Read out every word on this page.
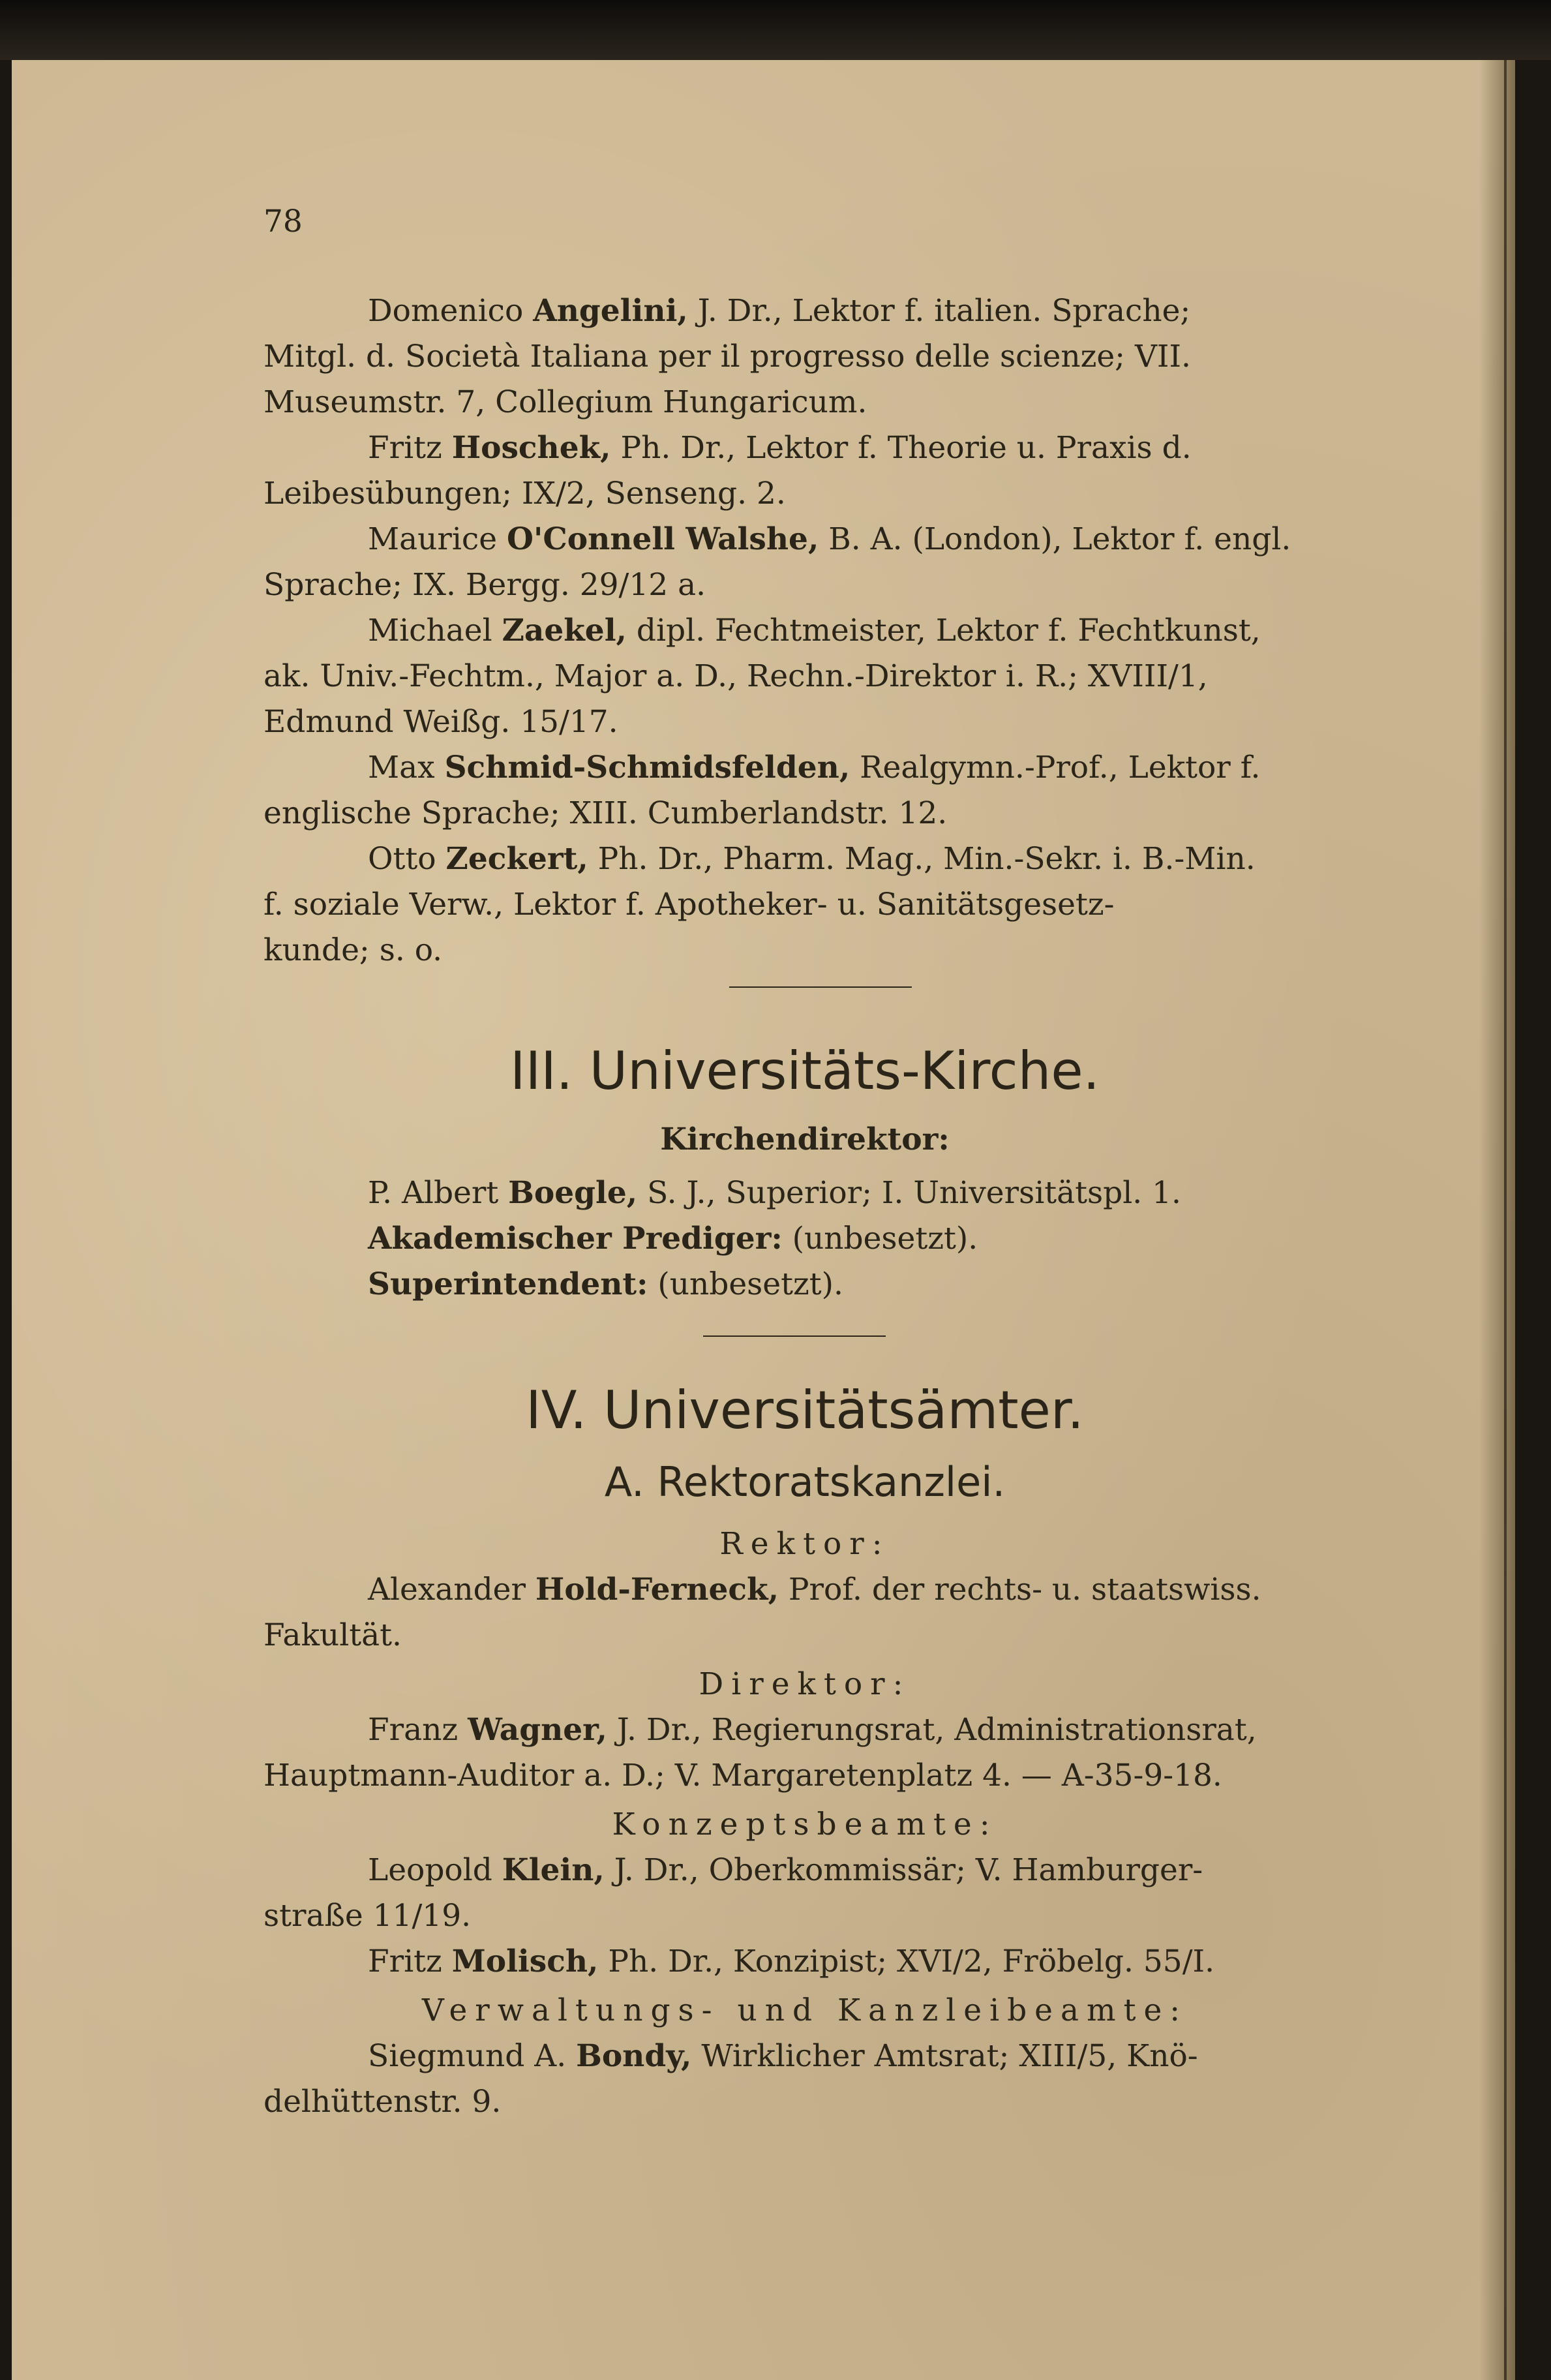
78
Domenico Angelini, J. Dr., Lektor f. italien. Sprache;
Mitgl. d. Società Italiana per il progresso delle scienze; VII.
Museumstr. 7, Collegium Hungaricum.
Fritz Hoschek, Ph. Dr., Lektor f. Theorie u. Praxis d.
Leibesübungen; IX/2, Senseng. 2.
Maurice O'Connell Walshe, B. A. (London), Lektor f. engl.
Sprache; IX. Bergg. 29/12 a.
Michael Zaekel, dipl. Fechtmeister, Lektor f. Fechtkunst,
ak. Univ.-Fechtm., Major a. D., Rechn.-Direktor i. R.; XVIII/1,
Edmund Weißg. 15/17.
Max Schmid-Schmidsfelden, Realgymn.-Prof., Lektor f.
englische Sprache; XIII. Cumberlandstr. 12.
Otto Zeckert, Ph. Dr., Pharm. Mag., Min.-Sekr. i. B.-Min.
f. soziale Verw., Lektor f. Apotheker- u. Sanitätsgesetz-
kunde; s. o.
III. Universitäts-Kirche.
Kirchendirektor:
P. Albert Boegle, S. J., Superior; I. Universitätspl. 1.
Akademischer Prediger: (unbesetzt).
Superintendent: (unbesetzt).
IV. Universitätsämter.
A. Rektoratskanzlei.
Rektor:
Alexander Hold-Ferneck, Prof. der rechts- u. staatswiss.
Fakultät.
Direktor:
Franz Wagner, J. Dr., Regierungsrat, Administrationsrat,
Hauptmann-Auditor a. D.; V. Margaretenplatz 4. — A-35-9-18.
Konzeptsbeamte:
Leopold Klein, J. Dr., Oberkommissär; V. Hamburger-
straße 11/19.
Fritz Molisch, Ph. Dr., Konzipist; XVI/2, Fröbelg. 55/I.
Verwaltungs- und Kanzleibeamte:
Siegmund A. Bondy, Wirklicher Amtsrat; XIII/5, Knö-
delhüttenstr. 9.
